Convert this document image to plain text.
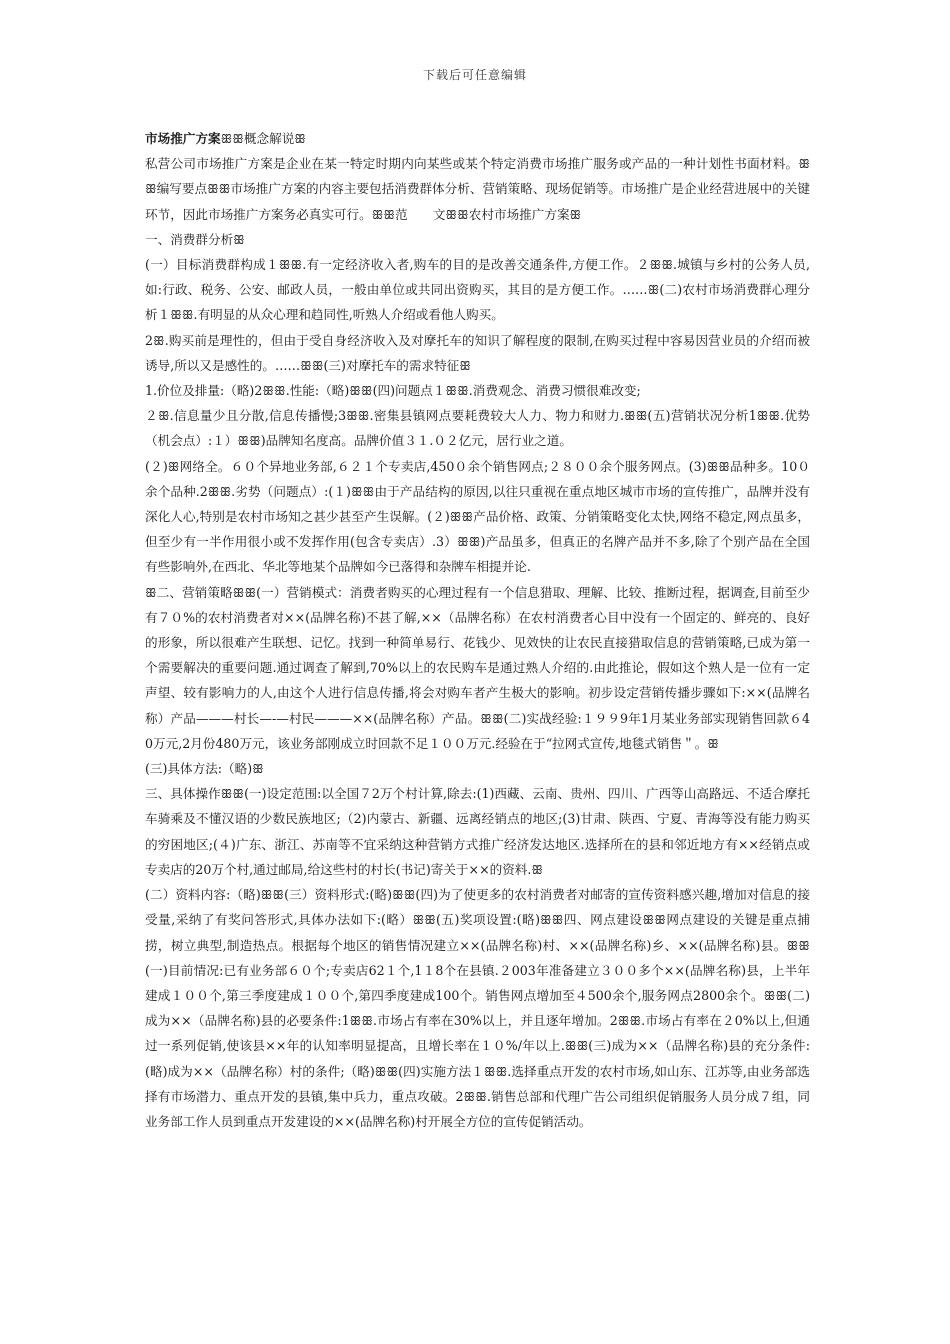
下载后可任意编辑

市场推广方案ꕥꕥ概念解说ꕥ

私营公司市场推广方案是企业在某一特定时期内向某些或某个特定消费市场推广服务或产品的一种计划性书面材料。ꕥꕥ编写要点ꕥꕥ市场推广方案的内容主要包括消费群体分析、营销策略、现场促销等。市场推广是企业经营进展中的关键环节，因此市场推广方案务必真实可行。ꕥꕥ范　　文ꕥꕥ农村市场推广方案ꕥ

一、消费群分析ꕥ

(一）目标消费群构成１ꕥꕥ.有一定经济收入者,购车的目的是改善交通条件,方便工作。２ꕥꕥ.城镇与乡村的公务人员,如:行政、税务、公安、邮政人员，一般由单位或共同出资购买，其目的是方便工作。……ꕥ(二)农村市场消费群心理分析１ꕥꕥ.有明显的从众心理和趋同性,听熟人介绍或看他人购买。

2ꕥ.购买前是理性的，但由于受自身经济收入及对摩托车的知识了解程度的限制,在购买过程中容易因营业员的介绍而被诱导,所以又是感性的。……ꕥꕥ(三)对摩托车的需求特征ꕥ

1.价位及排量:（略)2ꕥꕥ.性能:（略)ꕥꕥ(四)问题点１ꕥꕥ.消费观念、消费习惯很难改变;

２ꕥ.信息量少且分散,信息传播慢;3ꕥꕥ.密集县镇网点要耗费较大人力、物力和财力.ꕥꕥ(五)营销状况分析1ꕥꕥ.优势（机会点）:１）ꕥꕥ)品牌知名度高。品牌价值３１.０２亿元，居行业之道。

(２)ꕥ网络全。６０个异地业务部,６２１个专卖店,450０余个销售网点;２８００余个服务网点。(3)ꕥꕥ品种多。10０余个品种.2ꕥꕥ.劣势（问题点）:(１)ꕥꕥ由于产品结构的原因,以往只重视在重点地区城市市场的宣传推广，品牌并没有深化人心,特别是农村市场知之甚少甚至产生误解。(２)ꕥꕥ产品价格、政策、分销策略变化太快,网络不稳定,网点虽多，但至少有一半作用很小或不发挥作用(包含专卖店）.3）ꕥꕥ)产品虽多，但真正的名牌产品并不多,除了个别产品在全国有些影响外,在西北、华北等地某个品牌如今已落得和杂牌车相提并论.

ꕥ二、营销策略ꕥꕥ(一）营销模式：消费者购买的心理过程有一个信息猎取、理解、比较、推断过程，据调查,目前至少有７０%的农村消费者对××(品牌名称)不甚了解,××（品牌名称）在农村消费者心目中没有一个固定的、鲜亮的、良好的形象，所以很难产生联想、记忆。找到一种简单易行、花钱少、见效快的让农民直接猎取信息的营销策略,已成为第一个需要解决的重要问题.通过调查了解到,70%以上的农民购车是通过熟人介绍的.由此推论，假如这个熟人是一位有一定声望、较有影响力的人,由这个人进行信息传播,将会对购车者产生极大的影响。初步设定营销传播步骤如下:××(品牌名称）产品———村长—-—村民———××(品牌名称）产品。ꕥꕥ(二)实战经验:１９９9年1月某业务部实现销售回款６40万元,2月份480万元，该业务部刚成立时回款不足１００万元.经验在于“拉网式宣传,地毯式销售＂。ꕥ

(三)具体方法:（略)ꕥ

三、具体操作ꕥꕥ(一)设定范围:以全国７2万个村计算,除去:(1)西藏、云南、贵州、四川、广西等山高路远、不适合摩托车骑乘及不懂汉语的少数民族地区;（2)内蒙古、新疆、远离经销点的地区;(3)甘肃、陕西、宁夏、青海等没有能力购买的穷困地区;(４)广东、浙江、苏南等不宜采纳这种营销方式推广经济发达地区.选择所在的县和邻近地方有××经销点或专卖店的20万个村,通过邮局,给这些村的村长(书记)寄关于××的资料.ꕥ

(二）资料内容:（略)ꕥꕥ(三）资料形式:(略)ꕥꕥ(四)为了使更多的农村消费者对邮寄的宣传资料感兴趣,增加对信息的接受量,采纳了有奖问答形式,具体办法如下:(略）ꕥꕥ(五)奖项设置:(略)ꕥꕥ四、网点建设ꕥꕥ网点建设的关键是重点捕捞，树立典型,制造热点。根据每个地区的销售情况建立××(品牌名称)村、××(品牌名称)乡、××(品牌名称)县。ꕥꕥ(一)目前情况:已有业务部６０个;专卖店62１个,1１8个在县镇.２003年准备建立３００多个××(品牌名称)县，上半年建成１００个,第三季度建成１００个,第四季度建成100个。销售网点增加至４500余个,服务网点2800余个。ꕥꕥ(二)成为××（品牌名称)县的必要条件:1ꕥꕥ.市场占有率在30%以上，并且逐年增加。2ꕥꕥ.市场占有率在２0%以上,但通过一系列促销,使该县××年的认知率明显提高，且增长率在１０%/年以上.ꕥꕥ(三)成为××（品牌名称)县的充分条件:(略)成为××（品牌名称）村的条件;（略)ꕥꕥ(四)实施方法１ꕥꕥ.选择重点开发的农村市场,如山东、江苏等,由业务部选择有市场潜力、重点开发的县镇,集中兵力，重点攻破。2ꕥꕥ.销售总部和代理广告公司组织促销服务人员分成７组，同业务部工作人员到重点开发建设的××(品牌名称)村开展全方位的宣传促销活动。
